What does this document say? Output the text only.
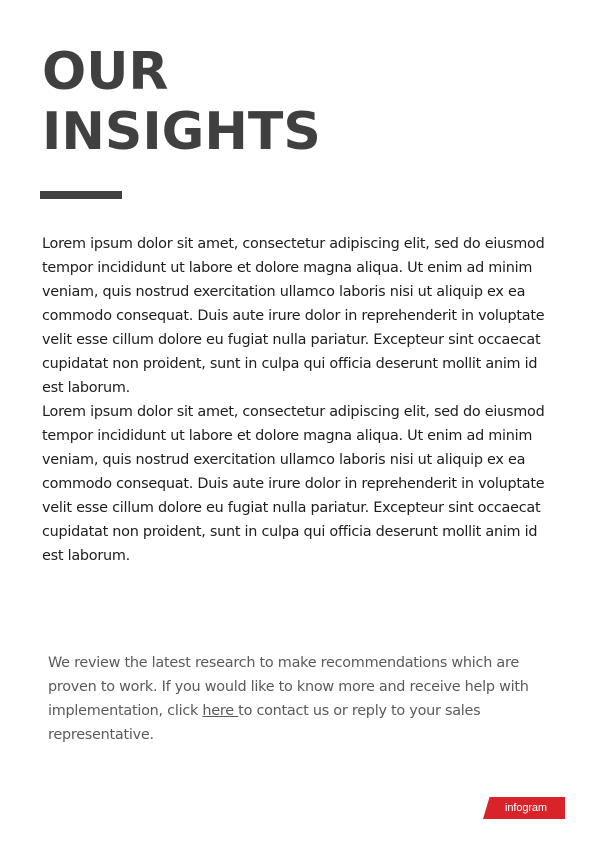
OUR
INSIGHTS

Lorem ipsum dolor sit amet, consectetur adipiscing elit, sed do eiusmod tempor incididunt ut labore et dolore magna aliqua. Ut enim ad minim veniam, quis nostrud exercitation ullamco laboris nisi ut aliquip ex ea commodo consequat. Duis aute irure dolor in reprehenderit in voluptate velit esse cillum dolore eu fugiat nulla pariatur. Excepteur sint occaecat cupidatat non proident, sunt in culpa qui officia deserunt mollit anim id est laborum.

Lorem ipsum dolor sit amet, consectetur adipiscing elit, sed do eiusmod tempor incididunt ut labore et dolore magna aliqua. Ut enim ad minim veniam, quis nostrud exercitation ullamco laboris nisi ut aliquip ex ea commodo consequat. Duis aute irure dolor in reprehenderit in voluptate velit esse cillum dolore eu fugiat nulla pariatur. Excepteur sint occaecat cupidatat non proident, sunt in culpa qui officia deserunt mollit anim id est laborum.

We review the latest research to make recommendations which are proven to work. If you would like to know more and receive help with implementation, click here to contact us or reply to your sales representative.

infogram
